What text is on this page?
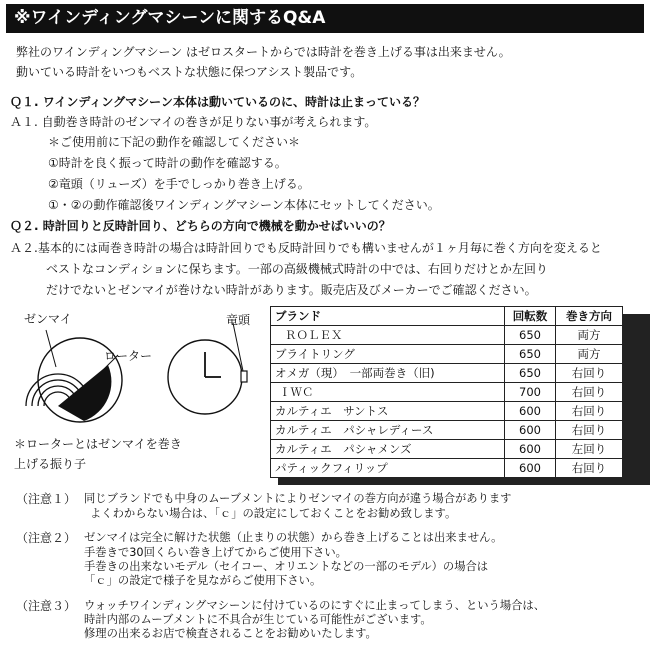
※ワインディングマシーンに関するQ&A
弊社のワインディングマシーン はゼロスタートからでは時計を巻き上げる事は出来ません。
動いている時計をいつもベストな状態に保つアシスト製品です。
Ｑ１. ワインディングマシーン本体は動いているのに、時計は止まっている？
Ａ１. 自動巻き時計のゼンマイの巻きが足りない事が考えられます。
＊ご使用前に下記の動作を確認してください＊
①時計を良く振って時計の動作を確認する。
②竜頭（リューズ）を手でしっかり巻き上げる。
①・②の動作確認後ワインディングマシーン本体にセットしてください。
Ｑ２. 時計回りと反時計回り、どちらの方向で機械を動かせばいいの？
Ａ２.基本的には両巻き時計の場合は時計回りでも反時計回りでも構いませんが１ヶ月毎に巻く方向を変えると
ベストなコンディションに保ちます。一部の高級機械式時計の中では、右回りだけとか左回り
だけでないとゼンマイが巻けない時計があります。販売店及びメーカーでご確認ください。
ゼンマイ
ローター
竜頭
＊ローターとはゼンマイを巻き
上げる振り子
ブランド	回転数	巻き方向
ＲＯＬＥＸ	650	両方
ブライトリング	650	両方
オメガ（現）　一部両巻き（旧)	650	右回り
ＩＷＣ	700	右回り
カルティエ　サントス	600	右回り
カルティエ　パシャレディース	600	右回り
カルティエ　パシャメンズ	600	左回り
パティックフィリップ	600	右回り
（注意１） 同じブランドでも中身のムーブメントによりゼンマイの巻方向が違う場合があります
よくわからない場合は、「ｃ」の設定にしておくことをお勧め致します。
（注意２） ゼンマイは完全に解けた状態（止まりの状態）から巻き上げることは出来ません。
手巻きで30回くらい巻き上げてからご使用下さい。
手巻きの出来ないモデル（セイコー、オリエントなどの一部のモデル）の場合は
「ｃ」の設定で様子を見ながらご使用下さい。
（注意３） ウォッチワインディングマシーンに付けているのにすぐに止まってしまう、という場合は、
時計内部のムーブメントに不具合が生じている可能性がございます。
修理の出来るお店で検査されることをお勧めいたします。
